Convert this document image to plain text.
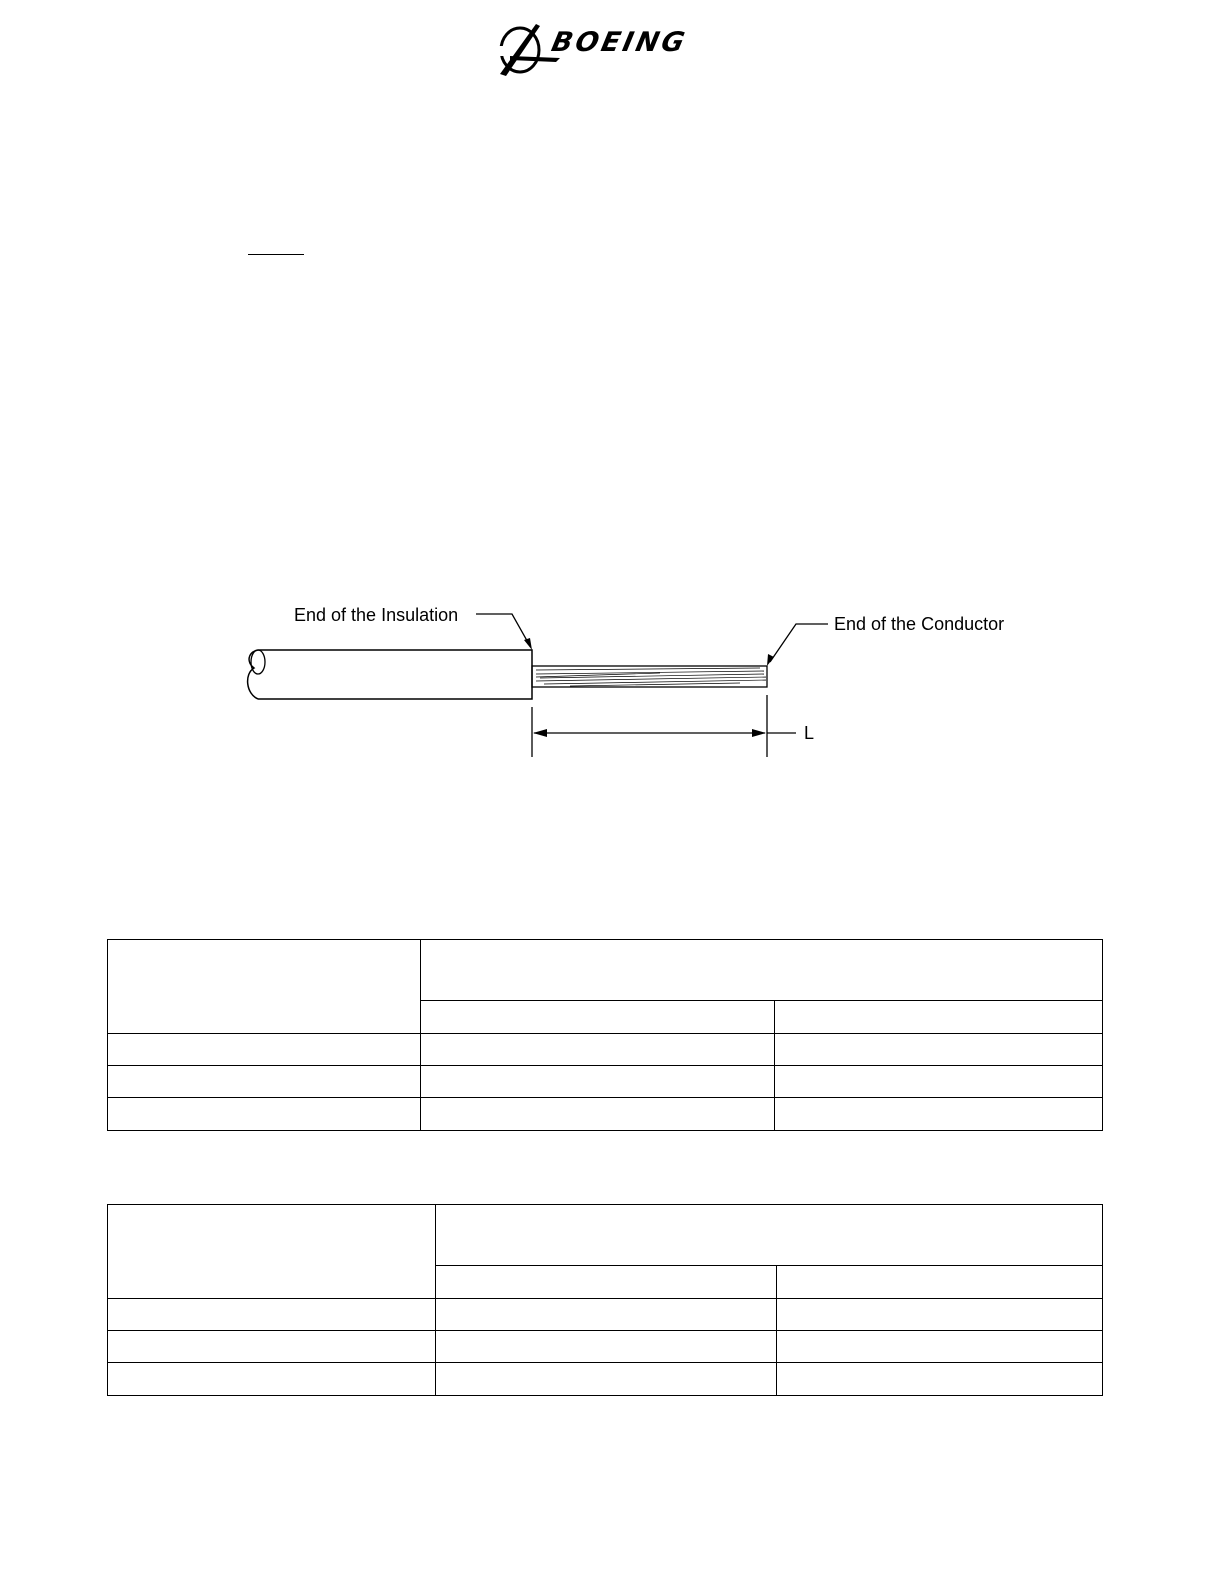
BOEING
End of the Insulation	End of the Conductor
L
